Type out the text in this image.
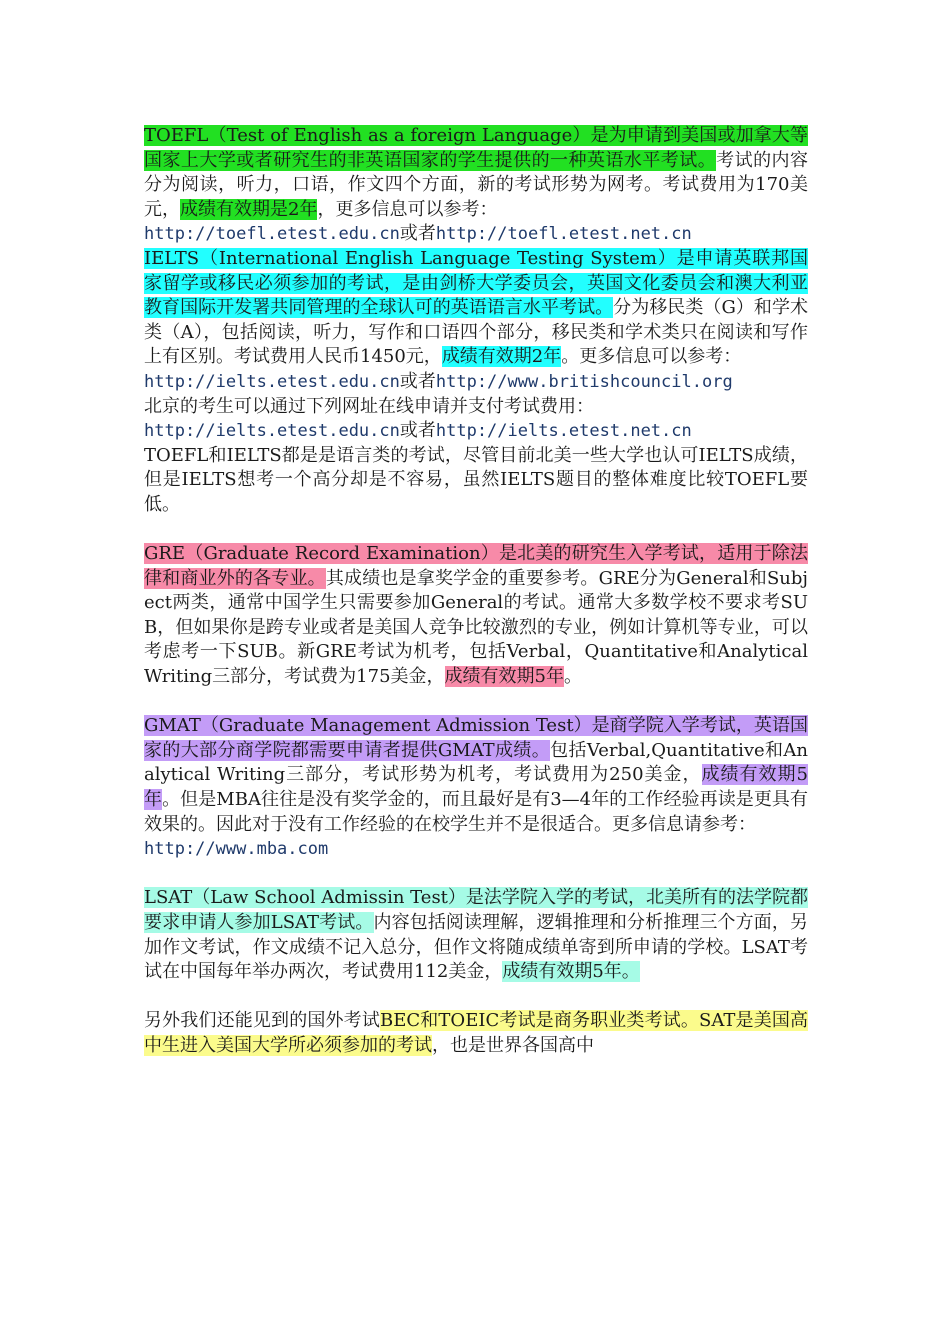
TOEFL（Test of English as a foreign Language）是为申请到美国或加拿大等国家上大学或者研究生的非英语国家的学生提供的一种英语水平考试。考试的内容分为阅读，听力，口语，作文四个方面，新的考试形势为网考。考试费用为170美元，成绩有效期是2年，更多信息可以参考：
http://toefl.etest.edu.cn或者http://toefl.etest.net.cn

IELTS（International English Language Testing System）是申请英联邦国家留学或移民必须参加的考试，是由剑桥大学委员会，英国文化委员会和澳大利亚教育国际开发署共同管理的全球认可的英语语言水平考试。分为移民类（G）和学术类（A），包括阅读，听力，写作和口语四个部分，移民类和学术类只在阅读和写作上有区别。考试费用人民币1450元，成绩有效期2年。更多信息可以参考：
http://ielts.etest.edu.cn或者http://www.britishcouncil.org
北京的考生可以通过下列网址在线申请并支付考试费用：
http://ielts.etest.edu.cn或者http://ielts.etest.net.cn
TOEFL和IELTS都是是语言类的考试，尽管目前北美一些大学也认可IELTS成绩，但是IELTS想考一个高分却是不容易，虽然IELTS题目的整体难度比较TOEFL要低。

GRE（Graduate Record Examination）是北美的研究生入学考试，适用于除法律和商业外的各专业。其成绩也是拿奖学金的重要参考。GRE分为General和Subject两类，通常中国学生只需要参加General的考试。通常大多数学校不要求考SUB，但如果你是跨专业或者是美国人竞争比较激烈的专业，例如计算机等专业，可以考虑考一下SUB。新GRE考试为机考，包括Verbal，Quantitative和Analytical Writing三部分，考试费为175美金，成绩有效期5年。

GMAT（Graduate Management Admission Test）是商学院入学考试，英语国家的大部分商学院都需要申请者提供GMAT成绩。包括Verbal,Quantitative和Analytical Writing三部分，考试形势为机考，考试费用为250美金，成绩有效期5年。但是MBA往往是没有奖学金的，而且最好是有3—4年的工作经验再读是更具有效果的。因此对于没有工作经验的在校学生并不是很适合。更多信息请参考：
http://www.mba.com

LSAT（Law School Admissin Test）是法学院入学的考试，北美所有的法学院都要求申请人参加LSAT考试。内容包括阅读理解，逻辑推理和分析推理三个方面，另加作文考试，作文成绩不记入总分，但作文将随成绩单寄到所申请的学校。LSAT考试在中国每年举办两次，考试费用112美金，成绩有效期5年。

另外我们还能见到的国外考试BEC和TOEIC考试是商务职业类考试。SAT是美国高中生进入美国大学所必须参加的考试，也是世界各国高中
